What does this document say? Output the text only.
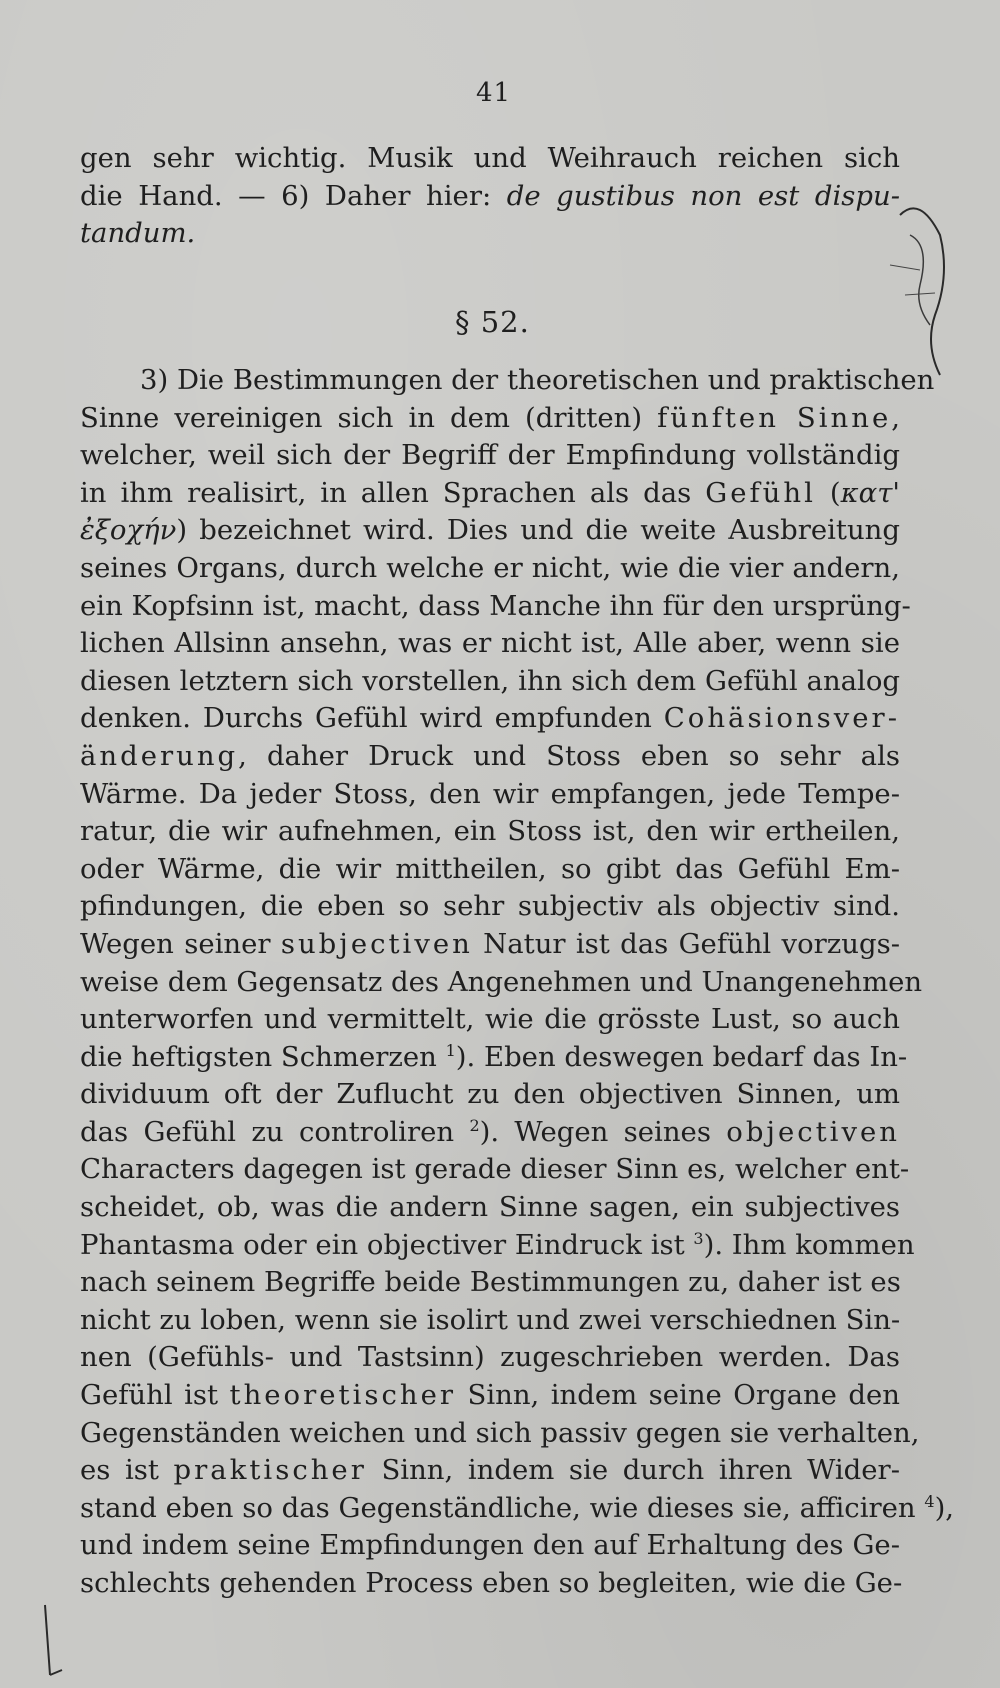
41
gen sehr wichtig. Musik und Weihrauch reichen sich
die Hand. — 6) Daher hier: de gustibus non est dispu-
tandum.
§ 52.
3) Die Bestimmungen der theoretischen und praktischen
Sinne vereinigen sich in dem (dritten) fünften Sinne,
welcher, weil sich der Begriff der Empfindung vollständig
in ihm realisirt, in allen Sprachen als das Gefühl (κατ'
ἐξοχήν) bezeichnet wird. Dies und die weite Ausbreitung
seines Organs, durch welche er nicht, wie die vier andern,
ein Kopfsinn ist, macht, dass Manche ihn für den ursprüng-
lichen Allsinn ansehn, was er nicht ist, Alle aber, wenn sie
diesen letztern sich vorstellen, ihn sich dem Gefühl analog
denken. Durchs Gefühl wird empfunden Cohäsionsver-
änderung, daher Druck und Stoss eben so sehr als
Wärme. Da jeder Stoss, den wir empfangen, jede Tempe-
ratur, die wir aufnehmen, ein Stoss ist, den wir ertheilen,
oder Wärme, die wir mittheilen, so gibt das Gefühl Em-
pfindungen, die eben so sehr subjectiv als objectiv sind.
Wegen seiner subjectiven Natur ist das Gefühl vorzugs-
weise dem Gegensatz des Angenehmen und Unangenehmen
unterworfen und vermittelt, wie die grösste Lust, so auch
die heftigsten Schmerzen $^1$). Eben deswegen bedarf das In-
dividuum oft der Zuflucht zu den objectiven Sinnen, um
das Gefühl zu controliren $^2$). Wegen seines objectiven
Characters dagegen ist gerade dieser Sinn es, welcher ent-
scheidet, ob, was die andern Sinne sagen, ein subjectives
Phantasma oder ein objectiver Eindruck ist $^3$). Ihm kommen
nach seinem Begriffe beide Bestimmungen zu, daher ist es
nicht zu loben, wenn sie isolirt und zwei verschiednen Sin-
nen (Gefühls- und Tastsinn) zugeschrieben werden. Das
Gefühl ist theoretischer Sinn, indem seine Organe den
Gegenständen weichen und sich passiv gegen sie verhalten,
es ist praktischer Sinn, indem sie durch ihren Wider-
stand eben so das Gegenständliche, wie dieses sie, afficiren $^4$),
und indem seine Empfindungen den auf Erhaltung des Ge-
schlechts gehenden Process eben so begleiten, wie die Ge-
